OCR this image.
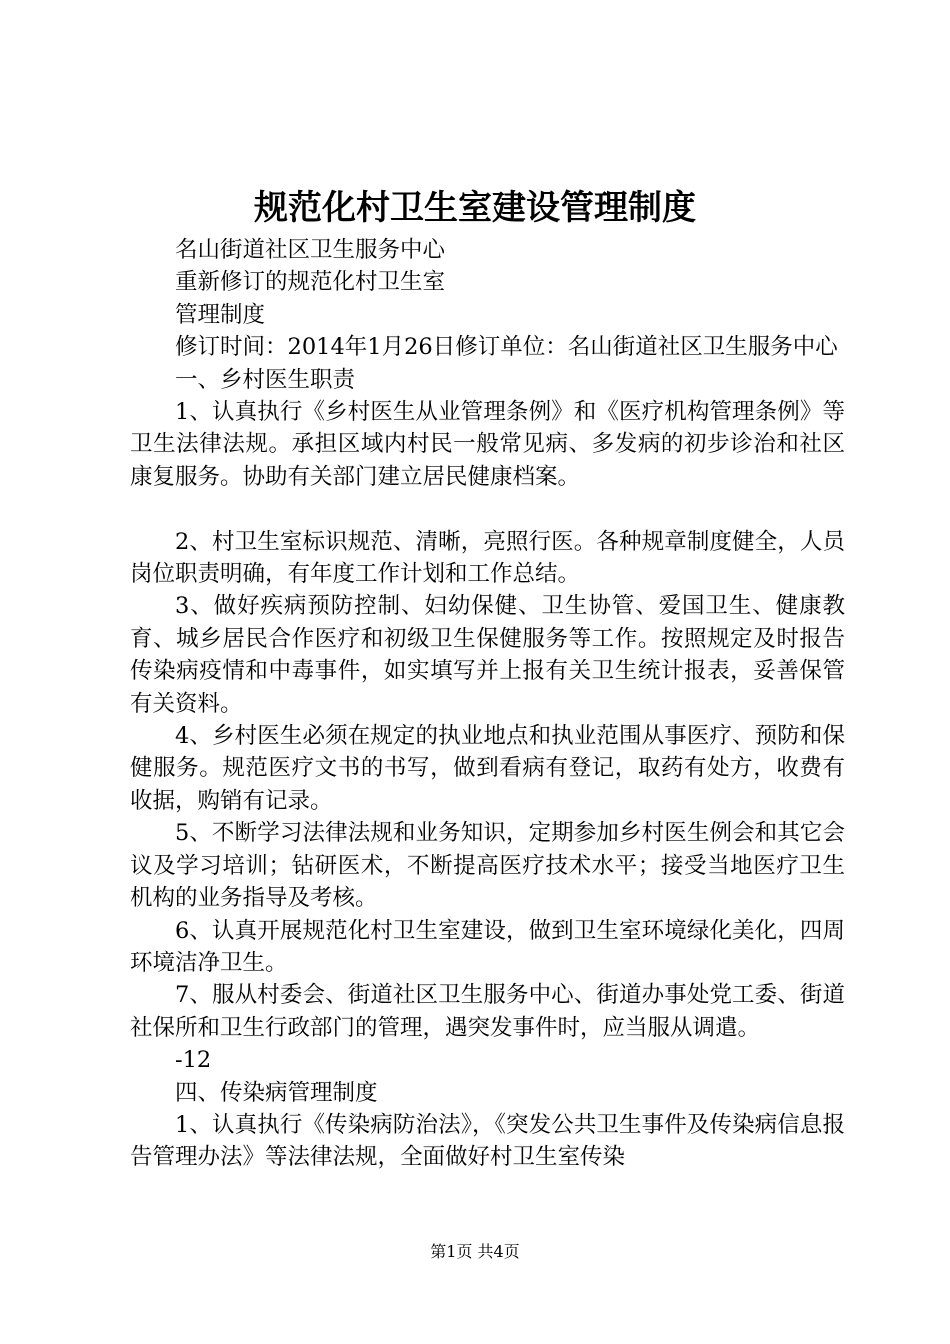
规范化村卫生室建设管理制度

名山街道社区卫生服务中心

重新修订的规范化村卫生室

管理制度

修订时间：2014年1月26日修订单位：名山街道社区卫生服务中心

一、乡村医生职责

1、认真执行《乡村医生从业管理条例》和《医疗机构管理条例》等卫生法律法规。承担区域内村民一般常见病、多发病的初步诊治和社区康复服务。协助有关部门建立居民健康档案。

2、村卫生室标识规范、清晰，亮照行医。各种规章制度健全，人员岗位职责明确，有年度工作计划和工作总结。

3、做好疾病预防控制、妇幼保健、卫生协管、爱国卫生、健康教育、城乡居民合作医疗和初级卫生保健服务等工作。按照规定及时报告传染病疫情和中毒事件，如实填写并上报有关卫生统计报表，妥善保管有关资料。

4、乡村医生必须在规定的执业地点和执业范围从事医疗、预防和保健服务。规范医疗文书的书写，做到看病有登记，取药有处方，收费有收据，购销有记录。

5、不断学习法律法规和业务知识，定期参加乡村医生例会和其它会议及学习培训；钻研医术，不断提高医疗技术水平；接受当地医疗卫生机构的业务指导及考核。

6、认真开展规范化村卫生室建设，做到卫生室环境绿化美化，四周环境洁净卫生。

7、服从村委会、街道社区卫生服务中心、街道办事处党工委、街道社保所和卫生行政部门的管理，遇突发事件时，应当服从调遣。

-12

四、传染病管理制度

1、认真执行《传染病防治法》，《突发公共卫生事件及传染病信息报告管理办法》等法律法规，全面做好村卫生室传染

第1页 共4页
